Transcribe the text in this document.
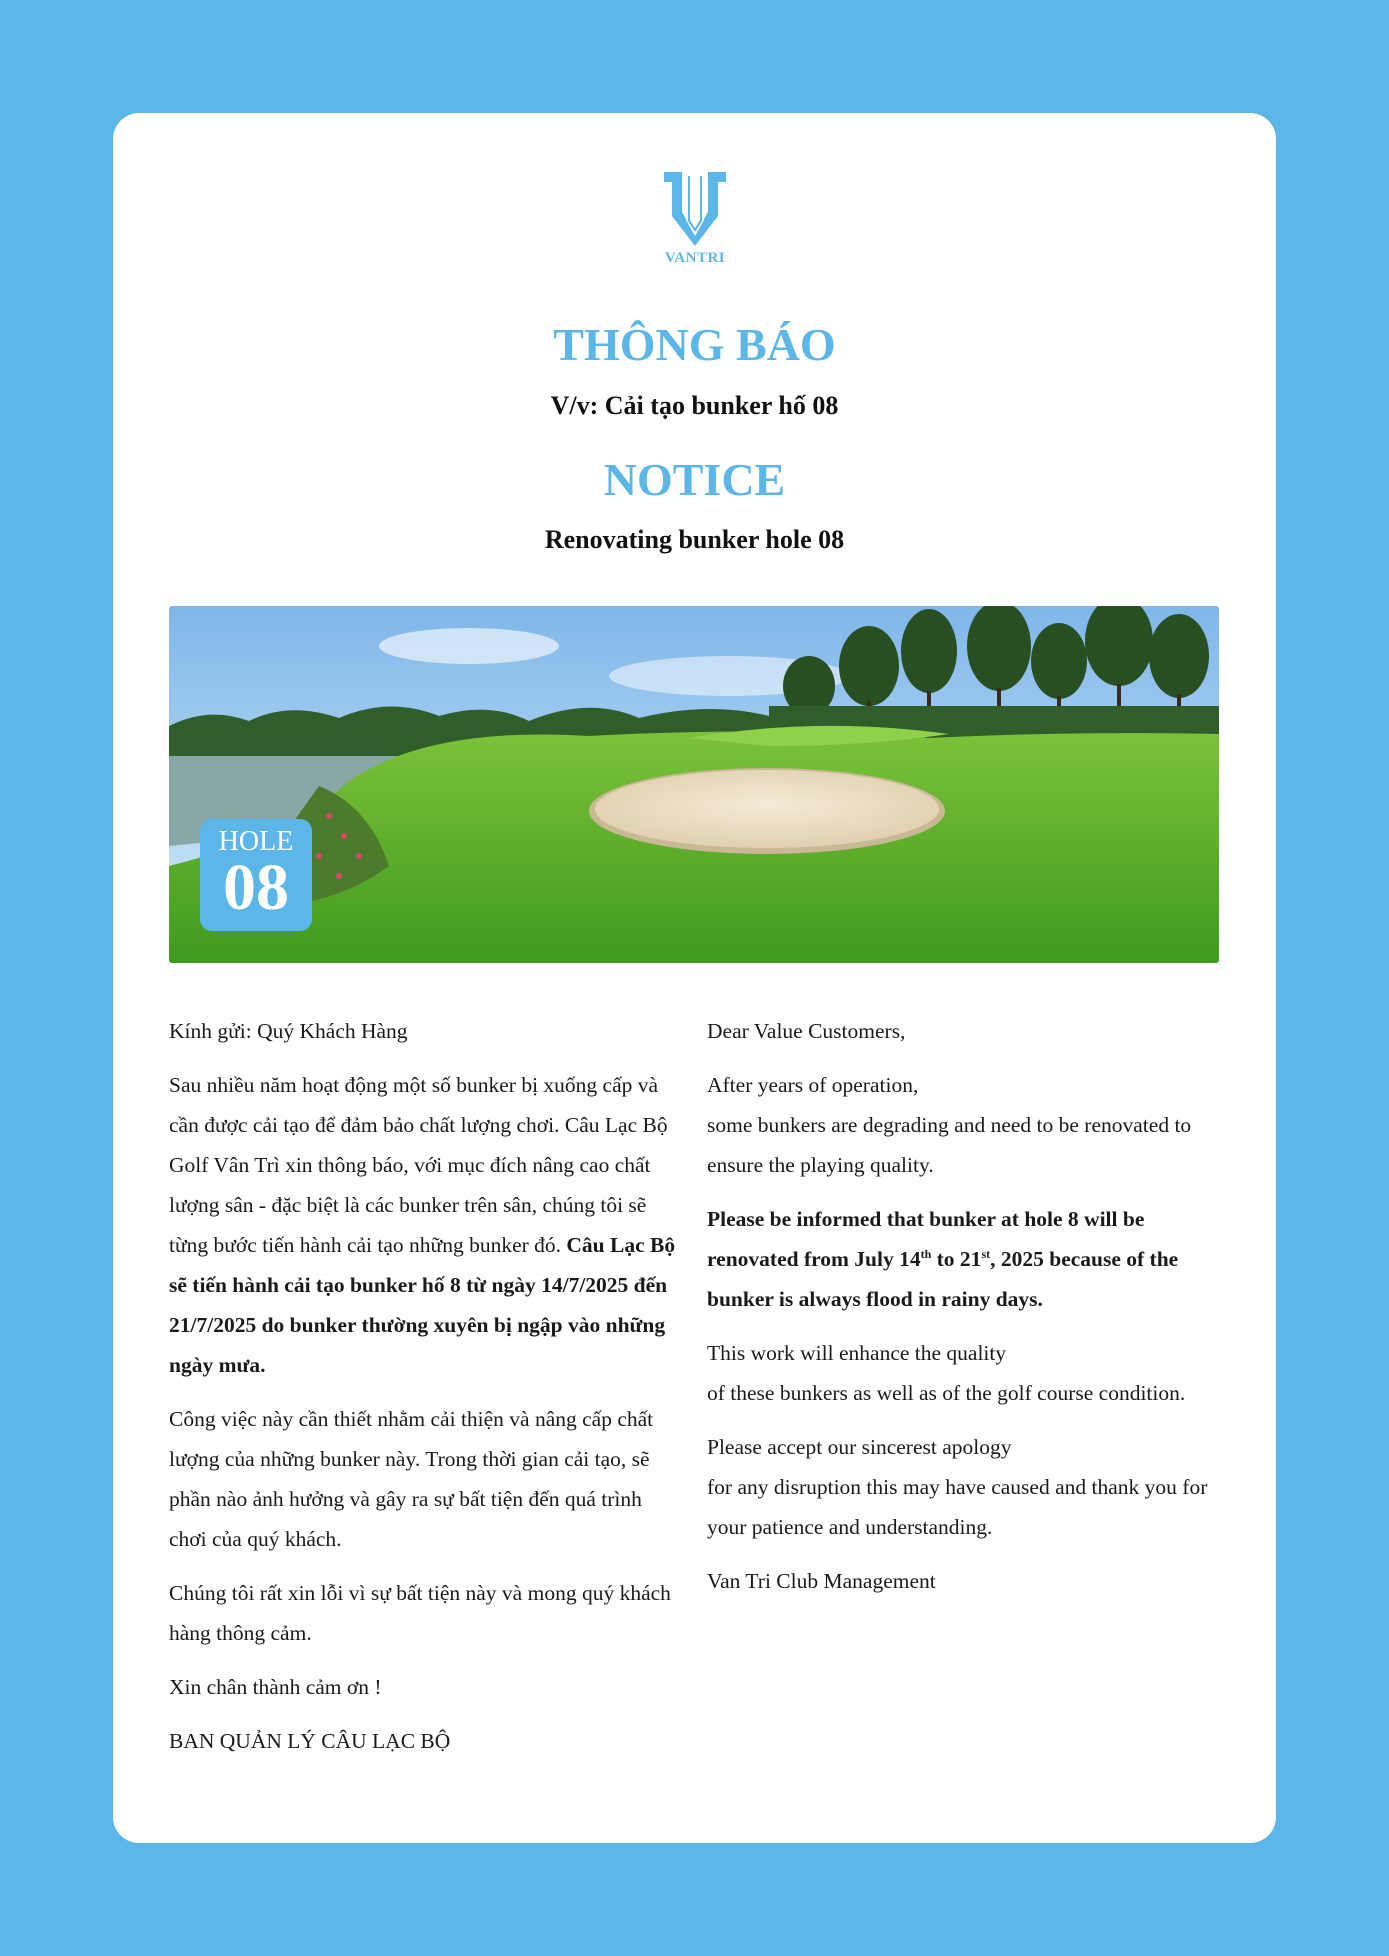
VANTRI
THÔNG BÁO

V/v: Cải tạo bunker hố 08

NOTICE

Renovating bunker hole 08

HOLE
08

Kính gửi: Quý Khách Hàng

Sau nhiều năm hoạt động một số bunker bị xuống cấp và cần được cải tạo để đảm bảo chất lượng chơi. Câu Lạc Bộ Golf Vân Trì xin thông báo, với mục đích nâng cao chất lượng sân - đặc biệt là các bunker trên sân, chúng tôi sẽ từng bước tiến hành cải tạo những bunker đó. Câu Lạc Bộ sẽ tiến hành cải tạo bunker hố 8 từ ngày 14/7/2025 đến 21/7/2025 do bunker thường xuyên bị ngập vào những ngày mưa.

Công việc này cần thiết nhằm cải thiện và nâng cấp chất lượng của những bunker này. Trong thời gian cải tạo, sẽ phần nào ảnh hưởng và gây ra sự bất tiện đến quá trình chơi của quý khách.

Chúng tôi rất xin lỗi vì sự bất tiện này và mong quý khách hàng thông cảm.

Xin chân thành cảm ơn !

BAN QUẢN LÝ CÂU LẠC BỘ

Dear Value Customers,

After years of operation,
some bunkers are degrading and need to be renovated to ensure the playing quality.

Please be informed that bunker at hole 8 will be renovated from July 14th to 21st, 2025 because of the bunker is always flood in rainy days.

This work will enhance the quality
of these bunkers as well as of the golf course condition.

Please accept our sincerest apology
for any disruption this may have caused and thank you for your patience and understanding.

Van Tri Club Management
